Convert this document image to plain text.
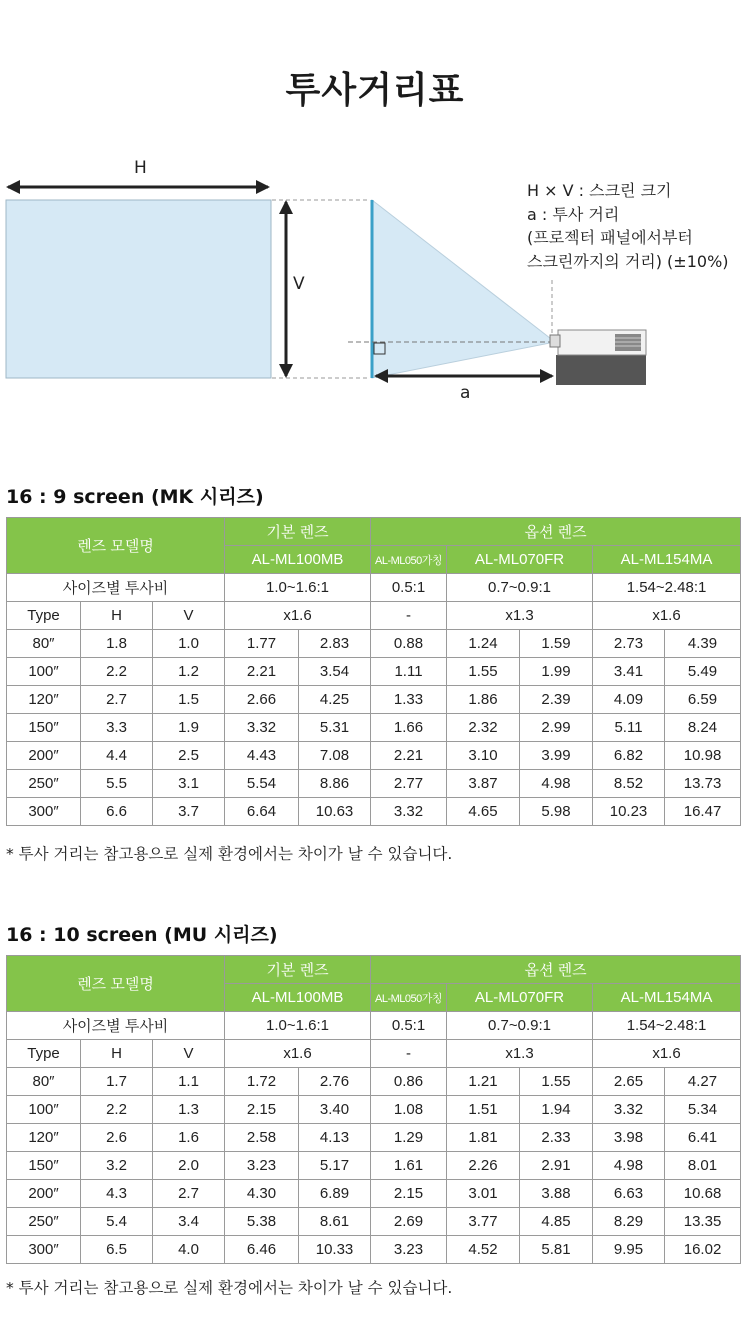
투사거리표
H
V
a
H × V : 스크린 크기
a : 투사 거리
(프로젝터 패널에서부터
스크린까지의 거리) (±10%)
16 : 9 screen (MK 시리즈)
렌즈 모델명			기본 렌즈		옵션 렌즈				
			AL-ML100MB		AL-ML050가칭	AL-ML070FR		AL-ML154MA	
사이즈별 투사비			1.0~1.6:1		0.5:1	0.7~0.9:1		1.54~2.48:1	
Type	H	V	x1.6		-	x1.3		x1.6	
80″	1.8	1.0	1.77	2.83	0.88	1.24	1.59	2.73	4.39
100″	2.2	1.2	2.21	3.54	1.11	1.55	1.99	3.41	5.49
120″	2.7	1.5	2.66	4.25	1.33	1.86	2.39	4.09	6.59
150″	3.3	1.9	3.32	5.31	1.66	2.32	2.99	5.11	8.24
200″	4.4	2.5	4.43	7.08	2.21	3.10	3.99	6.82	10.98
250″	5.5	3.1	5.54	8.86	2.77	3.87	4.98	8.52	13.73
300″	6.6	3.7	6.64	10.63	3.32	4.65	5.98	10.23	16.47
* 투사 거리는 참고용으로 실제 환경에서는 차이가 날 수 있습니다.
16 : 10 screen (MU 시리즈)
렌즈 모델명			기본 렌즈		옵션 렌즈				
			AL-ML100MB		AL-ML050가칭	AL-ML070FR		AL-ML154MA	
사이즈별 투사비			1.0~1.6:1		0.5:1	0.7~0.9:1		1.54~2.48:1	
Type	H	V	x1.6		-	x1.3		x1.6	
80″	1.7	1.1	1.72	2.76	0.86	1.21	1.55	2.65	4.27
100″	2.2	1.3	2.15	3.40	1.08	1.51	1.94	3.32	5.34
120″	2.6	1.6	2.58	4.13	1.29	1.81	2.33	3.98	6.41
150″	3.2	2.0	3.23	5.17	1.61	2.26	2.91	4.98	8.01
200″	4.3	2.7	4.30	6.89	2.15	3.01	3.88	6.63	10.68
250″	5.4	3.4	5.38	8.61	2.69	3.77	4.85	8.29	13.35
300″	6.5	4.0	6.46	10.33	3.23	4.52	5.81	9.95	16.02
* 투사 거리는 참고용으로 실제 환경에서는 차이가 날 수 있습니다.
